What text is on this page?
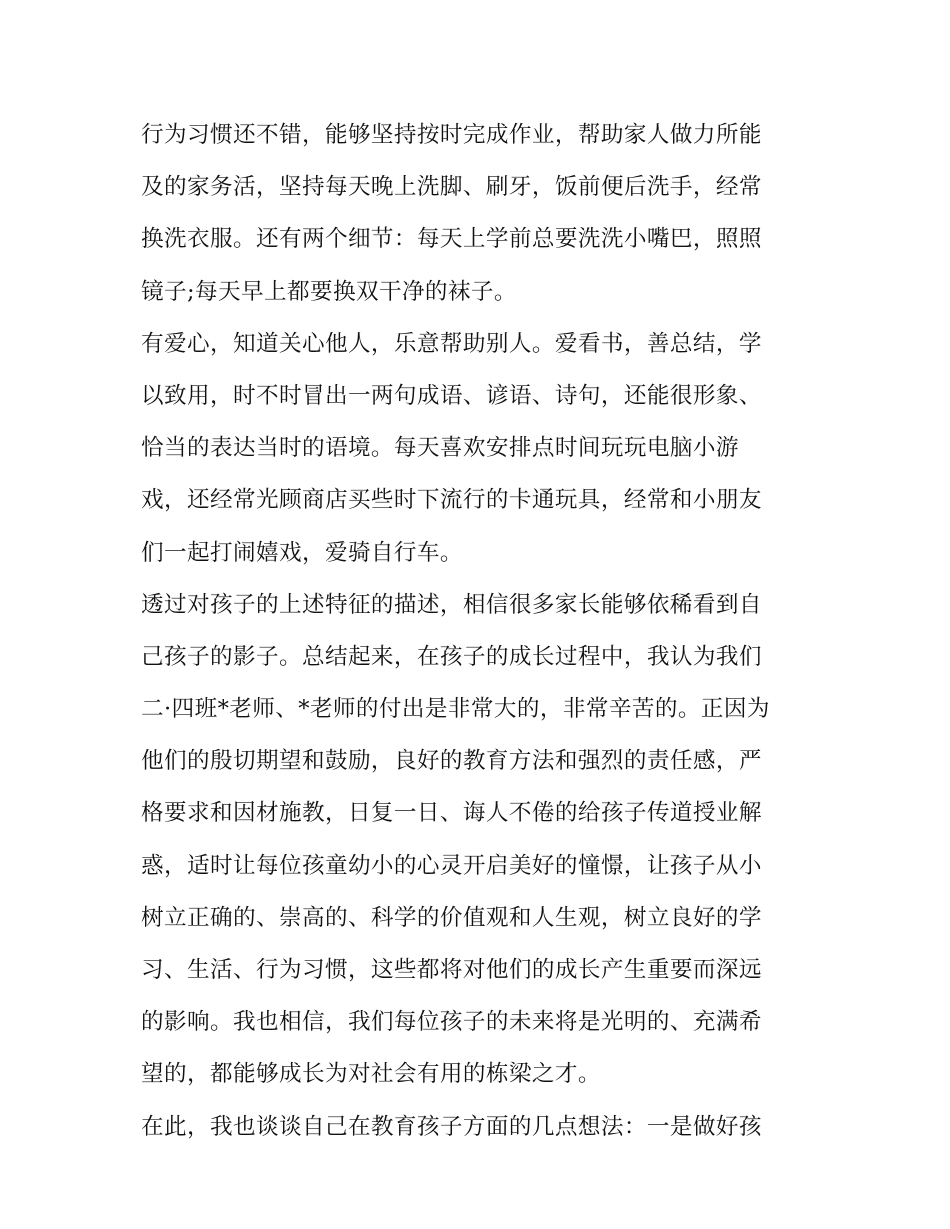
行为习惯还不错，能够坚持按时完成作业，帮助家人做力所能
及的家务活，坚持每天晚上洗脚、刷牙，饭前便后洗手，经常
换洗衣服。还有两个细节：每天上学前总要洗洗小嘴巴，照照
镜子;每天早上都要换双干净的袜子。
有爱心，知道关心他人，乐意帮助别人。爱看书，善总结，学
以致用，时不时冒出一两句成语、谚语、诗句，还能很形象、
恰当的表达当时的语境。每天喜欢安排点时间玩玩电脑小游
戏，还经常光顾商店买些时下流行的卡通玩具，经常和小朋友
们一起打闹嬉戏，爱骑自行车。
透过对孩子的上述特征的描述，相信很多家长能够依稀看到自
己孩子的影子。总结起来，在孩子的成长过程中，我认为我们
二·四班*老师、*老师的付出是非常大的，非常辛苦的。正因为
他们的殷切期望和鼓励，良好的教育方法和强烈的责任感，严
格要求和因材施教，日复一日、诲人不倦的给孩子传道授业解
惑，适时让每位孩童幼小的心灵开启美好的憧憬，让孩子从小
树立正确的、崇高的、科学的价值观和人生观，树立良好的学
习、生活、行为习惯，这些都将对他们的成长产生重要而深远
的影响。我也相信，我们每位孩子的未来将是光明的、充满希
望的，都能够成长为对社会有用的栋梁之才。
在此，我也谈谈自己在教育孩子方面的几点想法：一是做好孩
